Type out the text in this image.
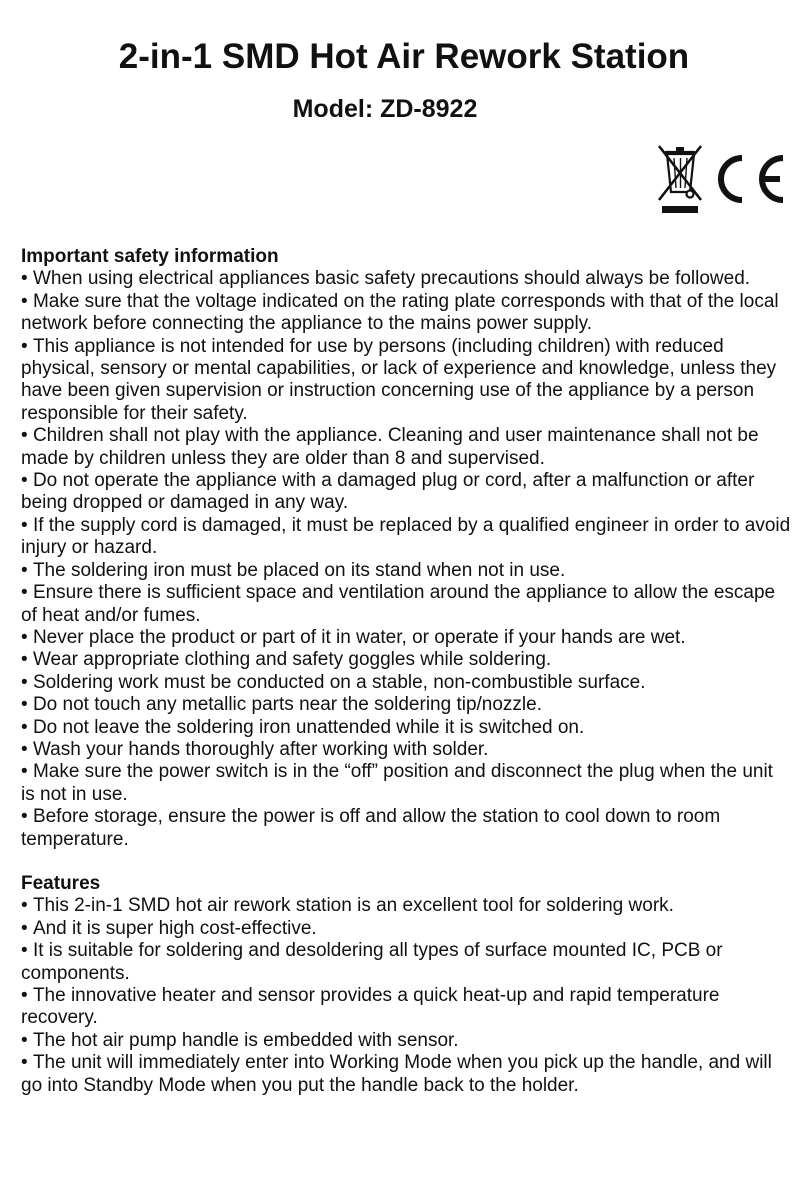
2-in-1 SMD Hot Air Rework Station
Model: ZD-8922

Important safety information

• When using electrical appliances basic safety precautions should always be followed.
• Make sure that the voltage indicated on the rating plate corresponds with that of the local network before connecting the appliance to the mains power supply.
• This appliance is not intended for use by persons (including children) with reduced physical, sensory or mental capabilities, or lack of experience and knowledge, unless they have been given supervision or instruction concerning use of the appliance by a person responsible for their safety.
• Children shall not play with the appliance. Cleaning and user maintenance shall not be made by children unless they are older than 8 and supervised.
• Do not operate the appliance with a damaged plug or cord, after a malfunction or after being dropped or damaged in any way.
• If the supply cord is damaged, it must be replaced by a qualified engineer in order to avoid injury or hazard.
• The soldering iron must be placed on its stand when not in use.
• Ensure there is sufficient space and ventilation around the appliance to allow the escape of heat and/or fumes.
• Never place the product or part of it in water, or operate if your hands are wet.
• Wear appropriate clothing and safety goggles while soldering.
• Soldering work must be conducted on a stable, non-combustible surface.
• Do not touch any metallic parts near the soldering tip/nozzle.
• Do not leave the soldering iron unattended while it is switched on.
• Wash your hands thoroughly after working with solder.
• Make sure the power switch is in the “off” position and disconnect the plug when the unit is not in use.
• Before storage, ensure the power is off and allow the station to cool down to room temperature.

Features

• This 2-in-1 SMD hot air rework station is an excellent tool for soldering work.
• And it is super high cost-effective.
• It is suitable for soldering and desoldering all types of surface mounted IC, PCB or components.
• The innovative heater and sensor provides a quick heat-up and rapid temperature recovery.
• The hot air pump handle is embedded with sensor.
• The unit will immediately enter into Working Mode when you pick up the handle, and will go into Standby Mode when you put the handle back to the holder.
